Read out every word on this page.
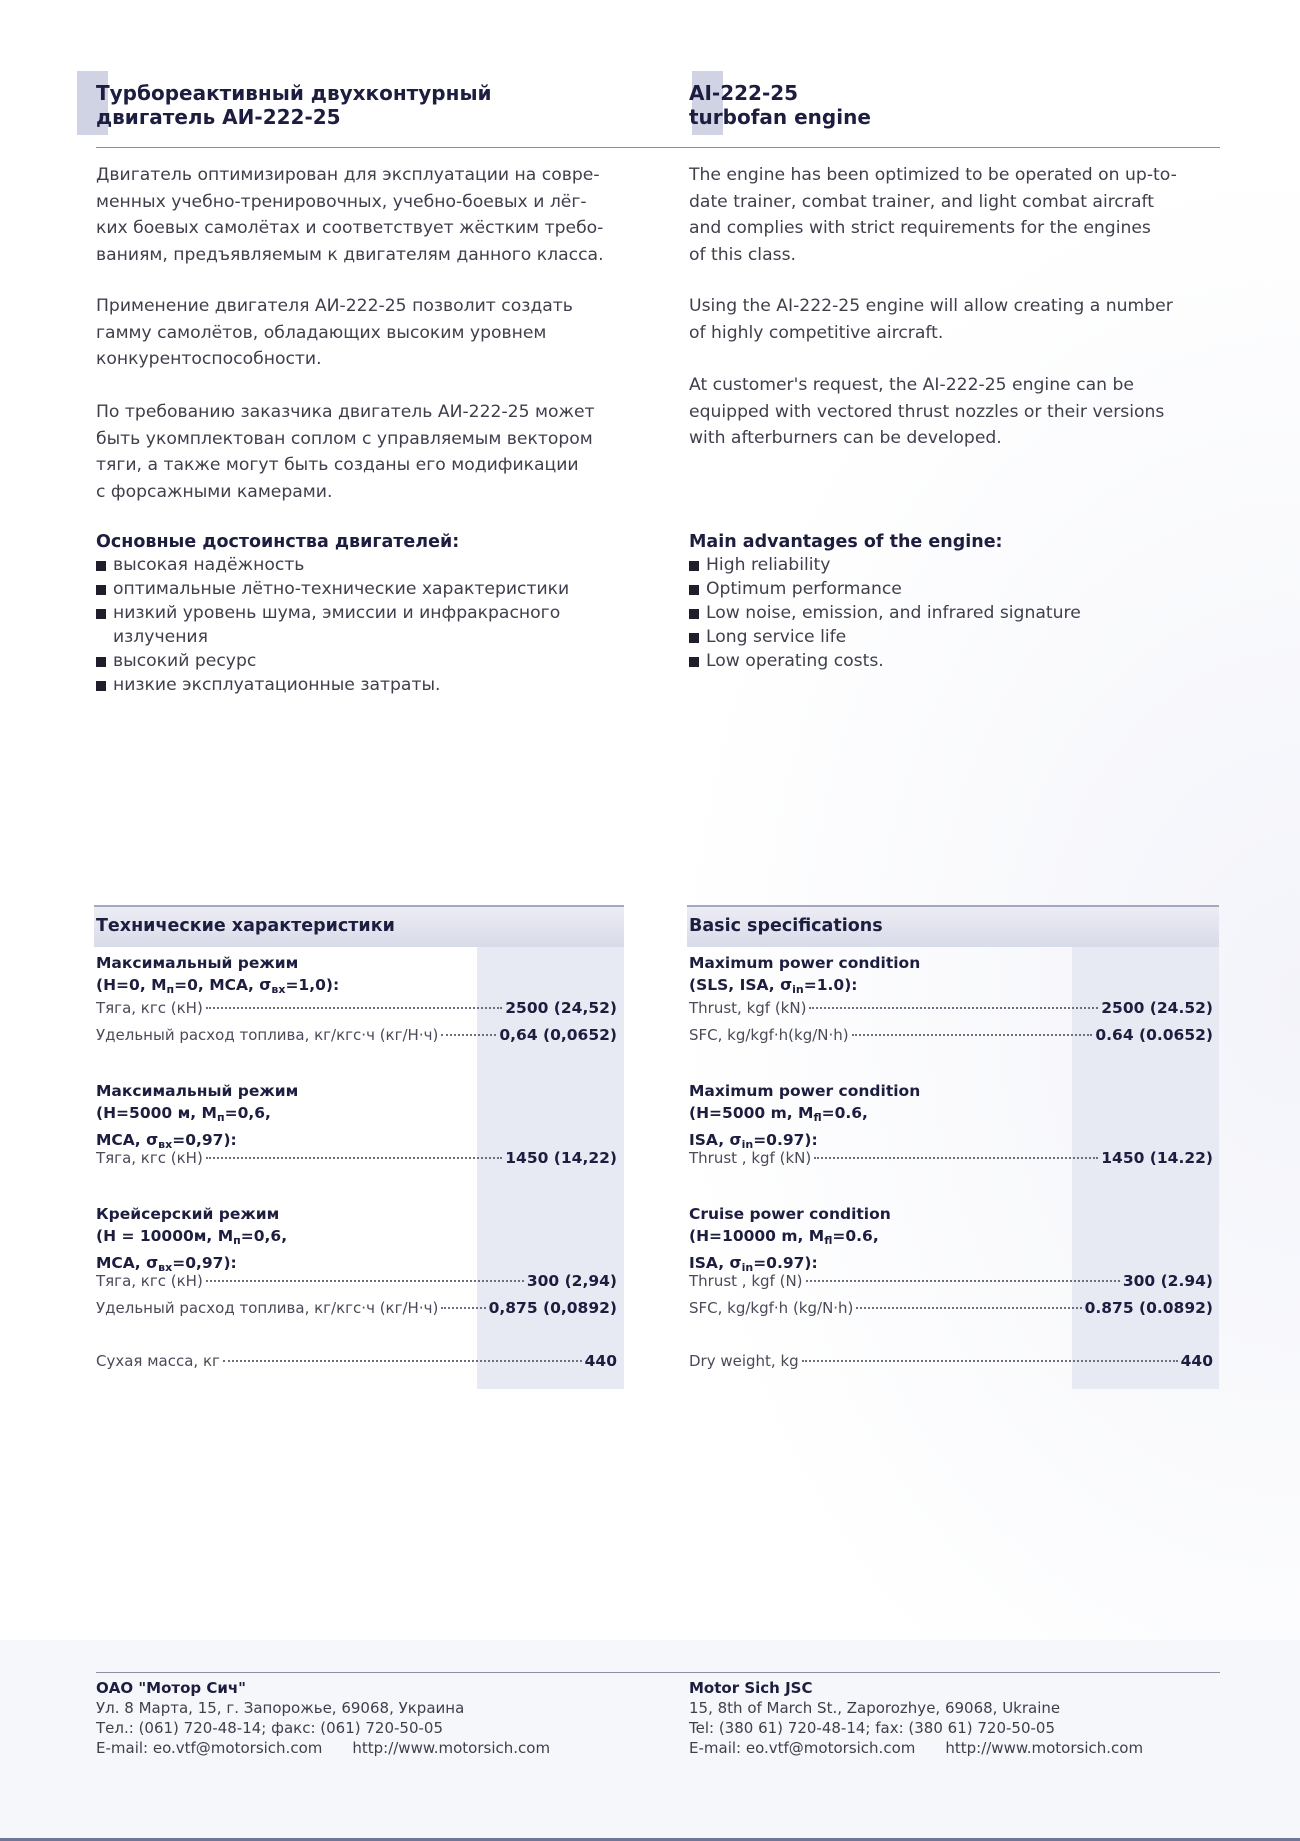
Турбореактивный двухконтурный
двигатель АИ-222-25
AI-222-25
turbofan engine

Двигатель оптимизирован для эксплуатации на совре-
менных учебно-тренировочных, учебно-боевых и лёг-
ких боевых самолётах и соответствует жёстким требо-
ваниям, предъявляемым к двигателям данного класса.

Применение двигателя АИ-222-25 позволит создать
гамму самолётов, обладающих высоким уровнем
конкурентоспособности.

По требованию заказчика двигатель АИ-222-25 может
быть укомплектован соплом с управляемым вектором
тяги, а также могут быть созданы его модификации
с форсажными камерами.

The engine has been optimized to be operated on up-to-
date trainer, combat trainer, and light combat aircraft
and complies with strict requirements for the engines
of this class.

Using the AI-222-25 engine will allow creating a number
of highly competitive aircraft.

At customer's request, the AI-222-25 engine can be
equipped with vectored thrust nozzles or their versions
with afterburners can be developed.

Основные достоинства двигателей:
высокая надёжность
оптимальные лётно-технические характеристики
низкий уровень шума, эмиссии и инфракрасного
излучения
высокий ресурс
низкие эксплуатационные затраты.
Main advantages of the engine:
High reliability
Optimum performance
Low noise, emission, and infrared signature
Long service life
Low operating costs.
Технические характеристики	Basic specifications
Максимальный режим
(H=0, $M_п=0$, МСА, $\sigma_{вх}=1,0$):
Тяга, кгс (кН)	2500 (24,52)
Удельный расход топлива, кг/кгс·ч (кг/Н·ч)	0,64 (0,0652)
Максимальный режим
(H=5000 м, $M_п=0,6$,
МСА, $\sigma_{вх}=0,97$):
Тяга, кгс (кН)	1450 (14,22)
Крейсерский режим
(H = 10000м, $M_п=0,6$,
МСА, $\sigma_{вх}=0,97$):
Тяга, кгс (кН)	300 (2,94)
Удельный расход топлива, кг/кгс·ч (кг/Н·ч)	0,875 (0,0892)
Сухая масса, кг	440
Maximum power condition
(SLS, ISA, $\sigma_{in}=1.0$):
Thrust, kgf (kN)	2500 (24.52)
SFC, kg/kgf·h(kg/N·h)	0.64 (0.0652)
Maximum power condition
(H=5000 m, $M_{fl}=0.6$,
ISA, $\sigma_{in}=0.97$):
Thrust , kgf (kN)	1450 (14.22)
Cruise power condition
(H=10000 m, $M_{fl}=0.6$,
ISA, $\sigma_{in}=0.97$):
Thrust , kgf (N)	300 (2.94)
SFC, kg/kgf·h (kg/N·h)	0.875 (0.0892)
Dry weight, kg	440

ОАО "Мотор Сич"

Ул. 8 Марта, 15, г. Запорожье, 69068, Украина

Тел.: (061) 720-48-14; факс: (061) 720-50-05

E-mail: eo.vtf@motorsich.com http://www.motorsich.com

Motor Sich JSC

15, 8th of March St., Zaporozhye, 69068, Ukraine

Tel: (380 61) 720-48-14; fax: (380 61) 720-50-05

E-mail: eo.vtf@motorsich.com http://www.motorsich.com
